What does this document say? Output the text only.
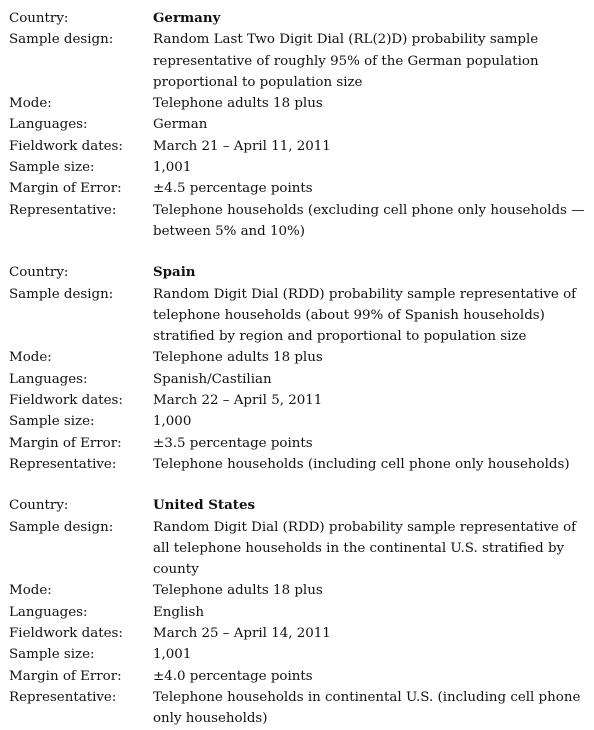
Country:	Germany
Sample design:	Random Last Two Digit Dial (RL(2)D) probability sample representative of roughly 95% of the German population proportional to population size
Mode:	Telephone adults 18 plus
Languages:	German
Fieldwork dates:	March 21 – April 11, 2011
Sample size:	1,001
Margin of Error:	±4.5 percentage points
Representative:	Telephone households (excluding cell phone only households — between 5% and 10%)
Country:	Spain
Sample design:	Random Digit Dial (RDD) probability sample representative of telephone households (about 99% of Spanish households) stratified by region and proportional to population size
Mode:	Telephone adults 18 plus
Languages:	Spanish/Castilian
Fieldwork dates:	March 22 – April 5, 2011
Sample size:	1,000
Margin of Error:	±3.5 percentage points
Representative:	Telephone households (including cell phone only households)
Country:	United States
Sample design:	Random Digit Dial (RDD) probability sample representative of all telephone households in the continental U.S. stratified by county
Mode:	Telephone adults 18 plus
Languages:	English
Fieldwork dates:	March 25 – April 14, 2011
Sample size:	1,001
Margin of Error:	±4.0 percentage points
Representative:	Telephone households in continental U.S. (including cell phone only households)
